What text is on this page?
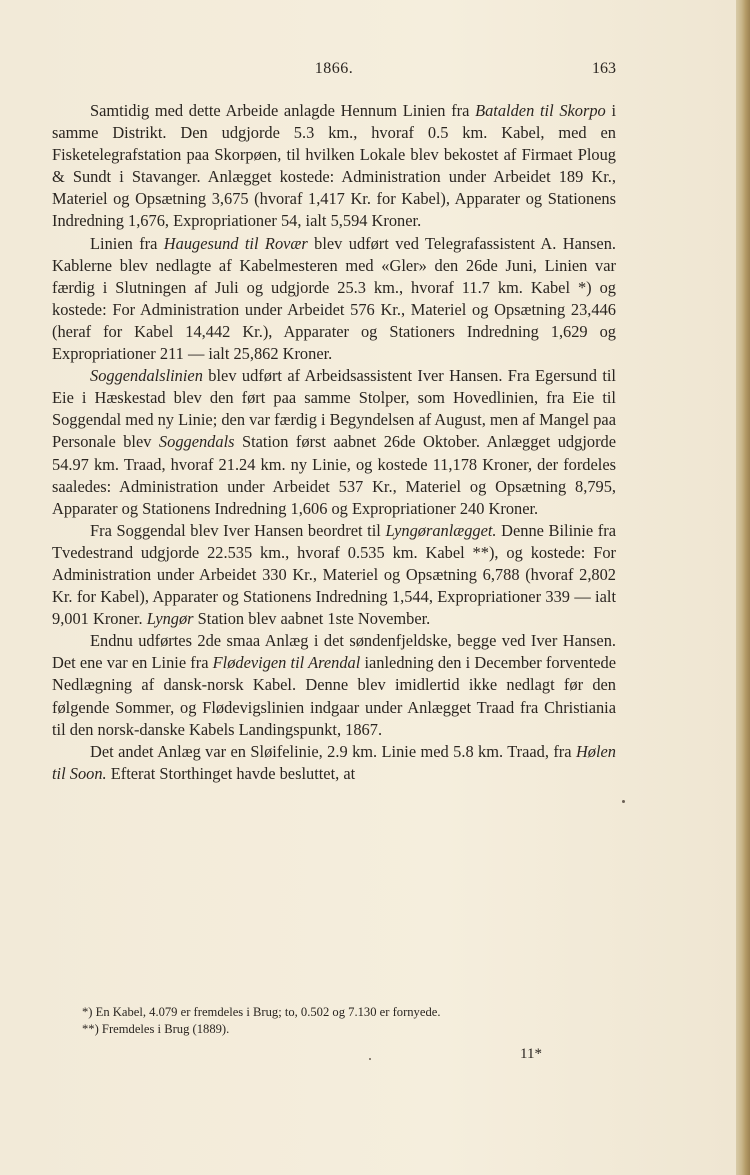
1866.	163

Samtidig med dette Arbeide anlagde Hennum Linien fra Batalden til Skorpo i samme Distrikt. Den udgjorde 5.3 km., hvoraf 0.5 km. Kabel, med en Fisketelegrafstation paa Skorpøen, til hvilken Lokale blev bekostet af Firmaet Ploug & Sundt i Stavanger. Anlægget kostede: Administration under Arbeidet 189 Kr., Materiel og Opsætning 3,675 (hvoraf 1,417 Kr. for Kabel), Apparater og Stationens Indredning 1,676, Expropriationer 54, ialt 5,594 Kroner.

Linien fra Haugesund til Rovær blev udført ved Telegrafassistent A. Hansen. Kablerne blev nedlagte af Kabelmesteren med «Gler» den 26de Juni, Linien var færdig i Slutningen af Juli og udgjorde 25.3 km., hvoraf 11.7 km. Kabel *) og kostede: For Administration under Arbeidet 576 Kr., Materiel og Opsætning 23,446 (heraf for Kabel 14,442 Kr.), Apparater og Stationers Indredning 1,629 og Expropriationer 211 — ialt 25,862 Kroner.

Soggendalslinien blev udført af Arbeidsassistent Iver Hansen. Fra Egersund til Eie i Hæskestad blev den ført paa samme Stolper, som Hovedlinien, fra Eie til Soggendal med ny Linie; den var færdig i Begyndelsen af August, men af Mangel paa Personale blev Soggendals Station først aabnet 26de Oktober. Anlægget udgjorde 54.97 km. Traad, hvoraf 21.24 km. ny Linie, og kostede 11,178 Kroner, der fordeles saaledes: Administration under Arbeidet 537 Kr., Materiel og Opsætning 8,795, Apparater og Stationens Indredning 1,606 og Expropriationer 240 Kroner.

Fra Soggendal blev Iver Hansen beordret til Lyngøranlægget. Denne Bilinie fra Tvedestrand udgjorde 22.535 km., hvoraf 0.535 km. Kabel **), og kostede: For Administration under Arbeidet 330 Kr., Materiel og Opsætning 6,788 (hvoraf 2,802 Kr. for Kabel), Apparater og Stationens Indredning 1,544, Expropriationer 339 — ialt 9,001 Kroner. Lyngør Station blev aabnet 1ste November.

Endnu udførtes 2de smaa Anlæg i det søndenfjeldske, begge ved Iver Hansen. Det ene var en Linie fra Flødevigen til Arendal ianledning den i December forventede Nedlægning af dansk-norsk Kabel. Denne blev imidlertid ikke nedlagt før den følgende Sommer, og Flødevigslinien indgaar under Anlægget Traad fra Christiania til den norsk-danske Kabels Landingspunkt, 1867.

Det andet Anlæg var en Sløifelinie, 2.9 km. Linie med 5.8 km. Traad, fra Hølen til Soon. Efterat Storthinget havde besluttet, at

*) En Kabel, 4.079 er fremdeles i Brug; to, 0.502 og 7.130 er fornyede.
**) Fremdeles i Brug (1889).
11*
